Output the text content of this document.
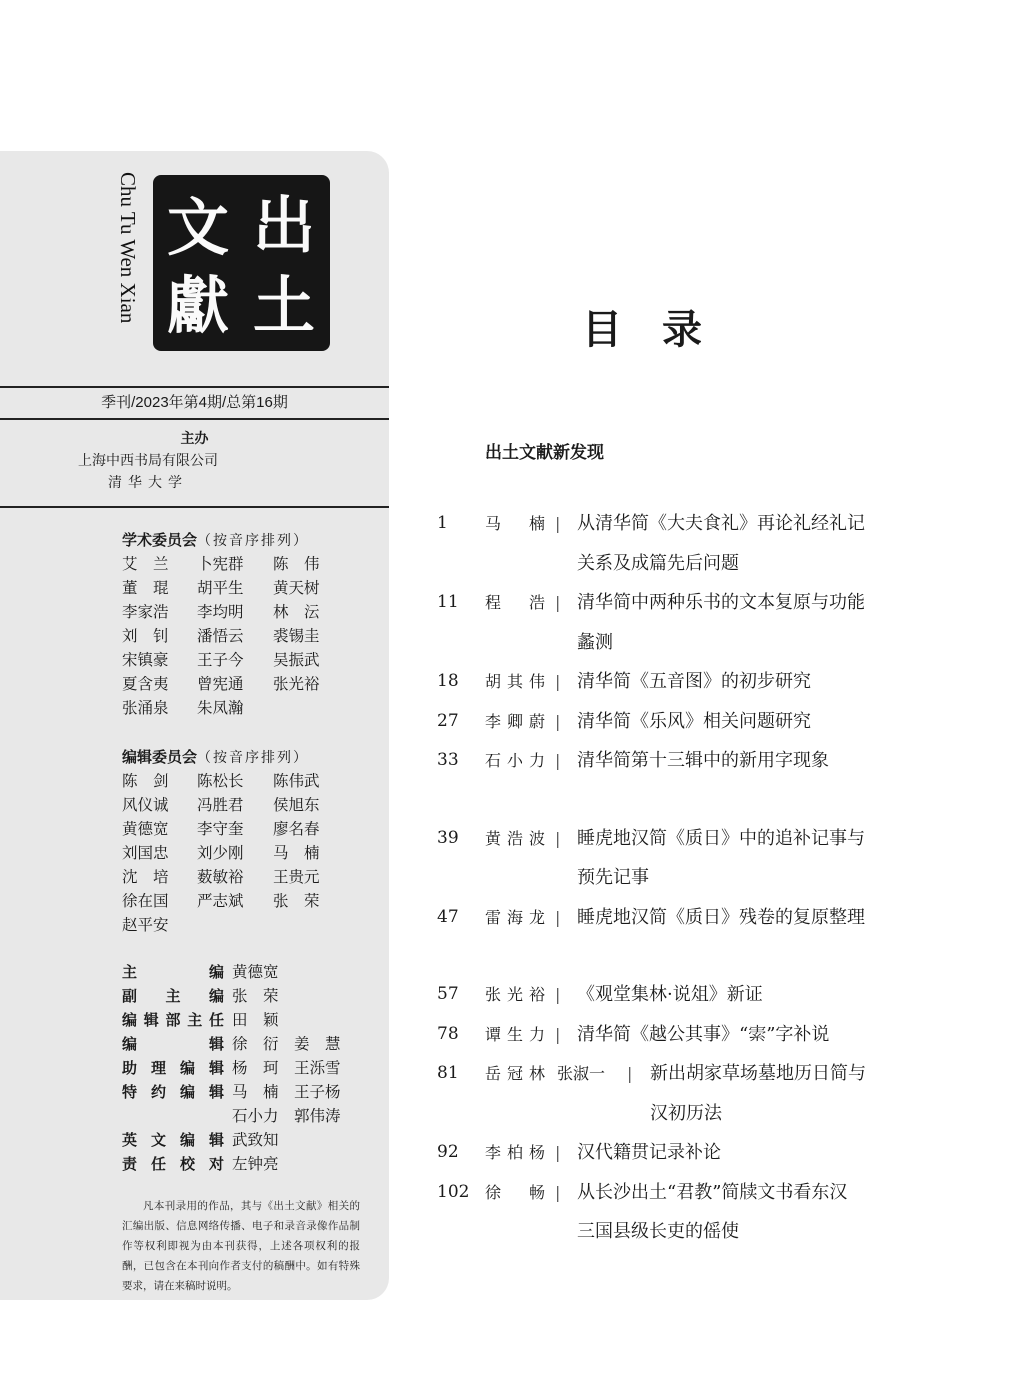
Chu Tu Wen Xian 出
土
文
獻
季刊/2023年第4期/总第16期
主办
上海中西书局有限公司
清华大学
学术委员会（按音序排列）
艾　兰	卜宪群	陈　伟
董　琨	胡平生	黄天树
李家浩	李均明	林　沄
刘　钊	潘悟云	裘锡圭
宋镇豪	王子今	吴振武
夏含夷	曾宪通	张光裕
张涌泉	朱凤瀚
编辑委员会（按音序排列）
陈　剑	陈松长	陈伟武
风仪诚	冯胜君	侯旭东
黄德宽	李守奎	廖名春
刘国忠	刘少刚	马　楠
沈　培	薮敏裕	王贵元
徐在国	严志斌	张　荣
赵平安
主编 黄德宽
副主编 张　荣
编辑部主任 田　颖
编辑 徐　衍　姜　慧
助理编辑 杨　珂　王泺雪
特约编辑 马　楠　王子杨
石小力　郭伟涛
英文编辑 武致知
责任校对 左钟亮
凡本刊录用的作品，其与《出土文献》相关的汇编出版、信息网络传播、电子和录音录像作品制作等权利即视为由本刊获得，上述各项权利的报酬，已包含在本刊向作者支付的稿酬中。如有特殊要求，请在来稿时说明。
目录
出土文献新发现
1 马　楠 | 从清华简《大夫食礼》再论礼经礼记
关系及成篇先后问题
11 程　浩 | 清华简中两种乐书的文本复原与功能
蠡测
18 胡其伟 | 清华简《五音图》的初步研究
27 李卿蔚 | 清华简《乐风》相关问题研究
33 石小力 | 清华简第十三辑中的新用字现象
39 黄浩波 | 睡虎地汉简《质日》中的追补记事与
预先记事
47 雷海龙 | 睡虎地汉简《质日》残卷的复原整理
57 张光裕 | 《观堂集林·说俎》新证
78 谭生力 | 清华简《越公其事》“𡩡”字补说
81 岳冠林 张淑一 | 新出胡家草场墓地历日简与
汉初历法
92 李柏杨 | 汉代籍贯记录补论
102 徐　畅 | 从长沙出土“君教”简牍文书看东汉
三国县级长吏的傜使
